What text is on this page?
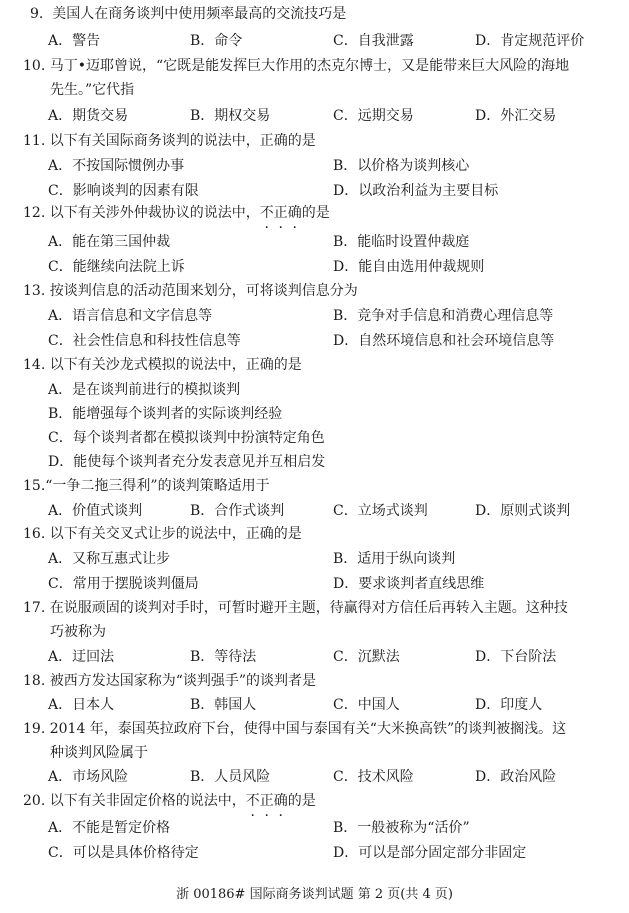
9. 美国人在商务谈判中使用频率最高的交流技巧是
A．警告	B．命令	C．自我泄露	D．肯定规范评价
10. 马丁•迈耶曾说，“它既是能发挥巨大作用的杰克尔博士，又是能带来巨大风险的海地
先生。”它代指
A．期货交易	B．期权交易	C．远期交易	D．外汇交易
11. 以下有关国际商务谈判的说法中，正确的是
A．不按国际惯例办事	B．以价格为谈判核心
C．影响谈判的因素有限	D．以政治利益为主要目标
12. 以下有关涉外仲裁协议的说法中，不正确的是
A．能在第三国仲裁	B．能临时设置仲裁庭
C．能继续向法院上诉	D．能自由选用仲裁规则
13. 按谈判信息的活动范围来划分，可将谈判信息分为
A．语言信息和文字信息等	B．竞争对手信息和消费心理信息等
C．社会性信息和科技性信息等	D．自然环境信息和社会环境信息等
14. 以下有关沙龙式模拟的说法中，正确的是
A．是在谈判前进行的模拟谈判
B．能增强每个谈判者的实际谈判经验
C．每个谈判者都在模拟谈判中扮演特定角色
D．能使每个谈判者充分发表意见并互相启发
15.“一争二拖三得利”的谈判策略适用于
A．价值式谈判	B．合作式谈判	C．立场式谈判	D．原则式谈判
16. 以下有关交叉式让步的说法中，正确的是
A．又称互惠式让步	B．适用于纵向谈判
C．常用于摆脱谈判僵局	D．要求谈判者直线思维
17. 在说服顽固的谈判对手时，可暂时避开主题，待赢得对方信任后再转入主题。这种技
巧被称为
A．迂回法	B．等待法	C．沉默法	D．下台阶法
18. 被西方发达国家称为“谈判强手”的谈判者是
A．日本人	B．韩国人	C．中国人	D．印度人
19. 2014 年，泰国英拉政府下台，使得中国与泰国有关“大米换高铁”的谈判被搁浅。这
种谈判风险属于
A．市场风险	B．人员风险	C．技术风险	D．政治风险
20. 以下有关非固定价格的说法中，不正确的是
A．不能是暂定价格	B．一般被称为“活价”
C．可以是具体价格待定	D．可以是部分固定部分非固定
浙 00186# 国际商务谈判试题 第 2 页(共 4 页)
